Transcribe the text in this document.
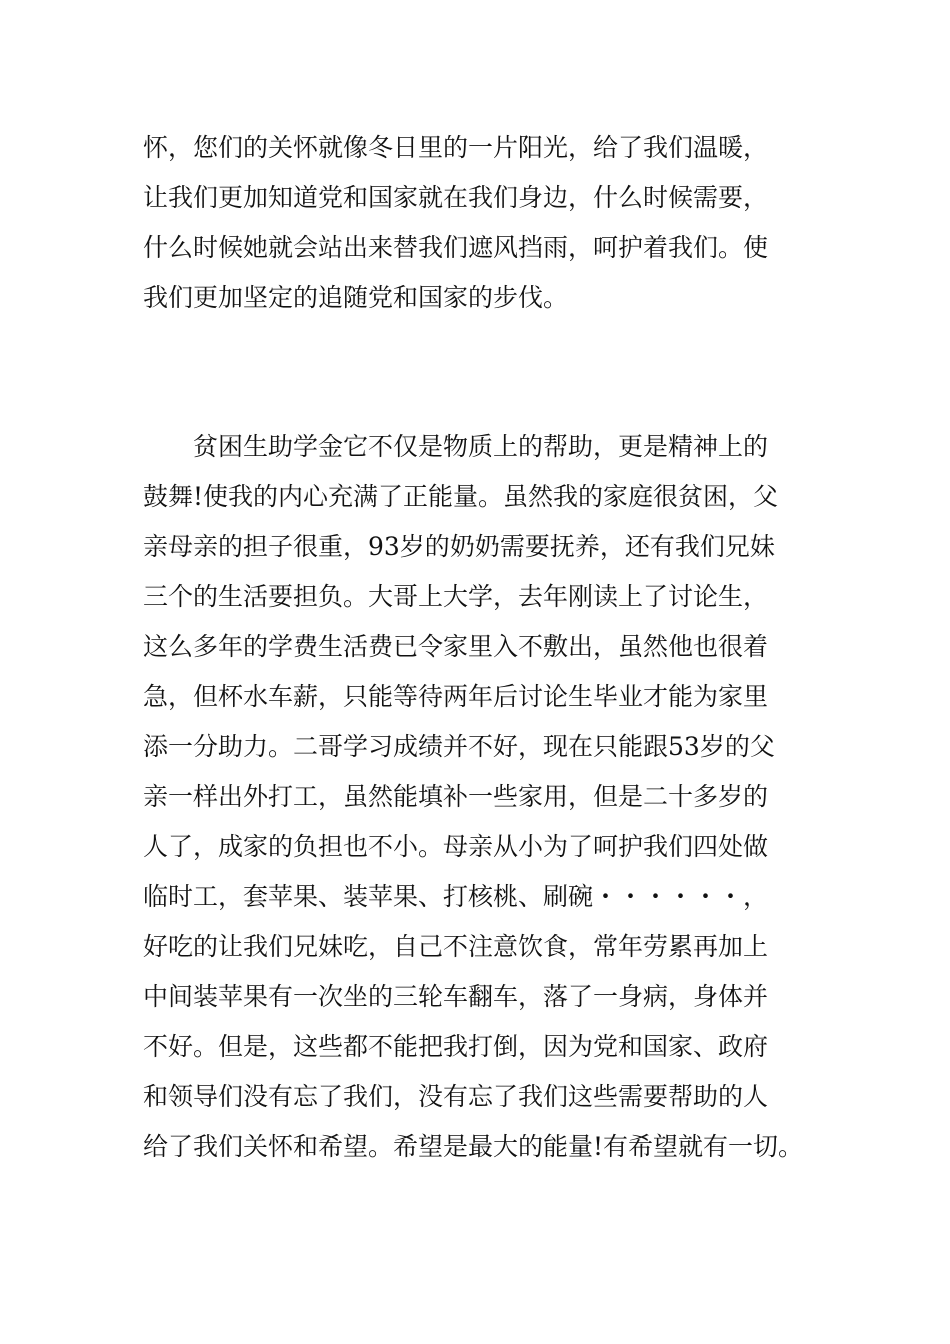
怀，您们的关怀就像冬日里的一片阳光，给了我们温暖，
让我们更加知道党和国家就在我们身边，什么时候需要，
什么时候她就会站出来替我们遮风挡雨，呵护着我们。使
我们更加坚定的追随党和国家的步伐。
贫困生助学金它不仅是物质上的帮助，更是精神上的
鼓舞!使我的内心充满了正能量。虽然我的家庭很贫困，父
亲母亲的担子很重，93岁的奶奶需要抚养，还有我们兄妹
三个的生活要担负。大哥上大学，去年刚读上了讨论生，
这么多年的学费生活费已令家里入不敷出，虽然他也很着
急，但杯水车薪，只能等待两年后讨论生毕业才能为家里
添一分助力。二哥学习成绩并不好，现在只能跟53岁的父
亲一样出外打工，虽然能填补一些家用，但是二十多岁的
人了，成家的负担也不小。母亲从小为了呵护我们四处做
临时工，套苹果、装苹果、打核桃、刷碗・・・・・・，
好吃的让我们兄妹吃，自己不注意饮食，常年劳累再加上
中间装苹果有一次坐的三轮车翻车，落了一身病，身体并
不好。但是，这些都不能把我打倒，因为党和国家、政府
和领导们没有忘了我们，没有忘了我们这些需要帮助的人
给了我们关怀和希望。希望是最大的能量!有希望就有一切。
